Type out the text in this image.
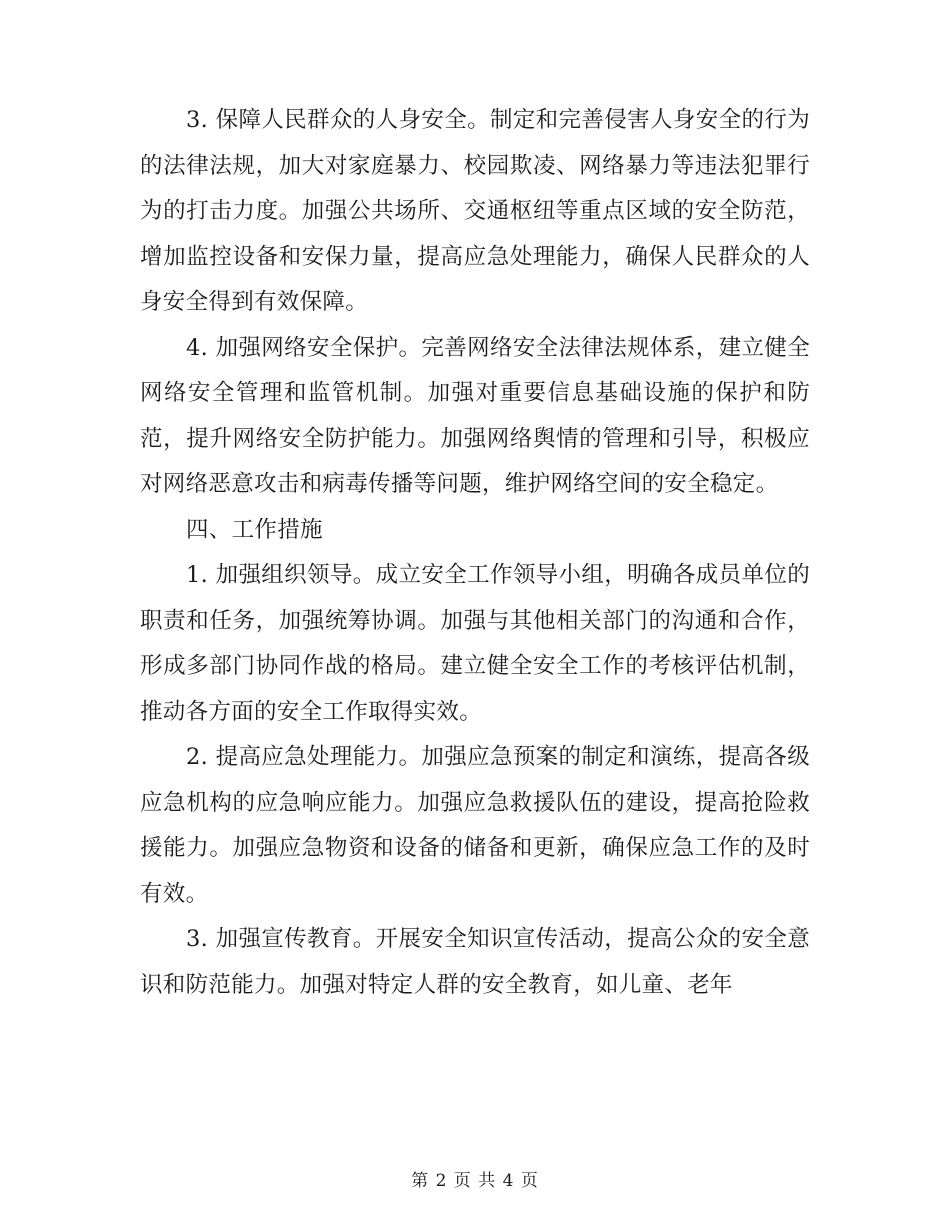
3. 保障人民群众的人身安全。制定和完善侵害人身安全的行为的法律法规，加大对家庭暴力、校园欺凌、网络暴力等违法犯罪行为的打击力度。加强公共场所、交通枢纽等重点区域的安全防范，增加监控设备和安保力量，提高应急处理能力，确保人民群众的人身安全得到有效保障。

4. 加强网络安全保护。完善网络安全法律法规体系，建立健全网络安全管理和监管机制。加强对重要信息基础设施的保护和防范，提升网络安全防护能力。加强网络舆情的管理和引导，积极应对网络恶意攻击和病毒传播等问题，维护网络空间的安全稳定。

四、工作措施

1. 加强组织领导。成立安全工作领导小组，明确各成员单位的职责和任务，加强统筹协调。加强与其他相关部门的沟通和合作，形成多部门协同作战的格局。建立健全安全工作的考核评估机制，推动各方面的安全工作取得实效。

2. 提高应急处理能力。加强应急预案的制定和演练，提高各级应急机构的应急响应能力。加强应急救援队伍的建设，提高抢险救援能力。加强应急物资和设备的储备和更新，确保应急工作的及时有效。

3. 加强宣传教育。开展安全知识宣传活动，提高公众的安全意识和防范能力。加强对特定人群的安全教育，如儿童、老年

第 2 页 共 4 页
